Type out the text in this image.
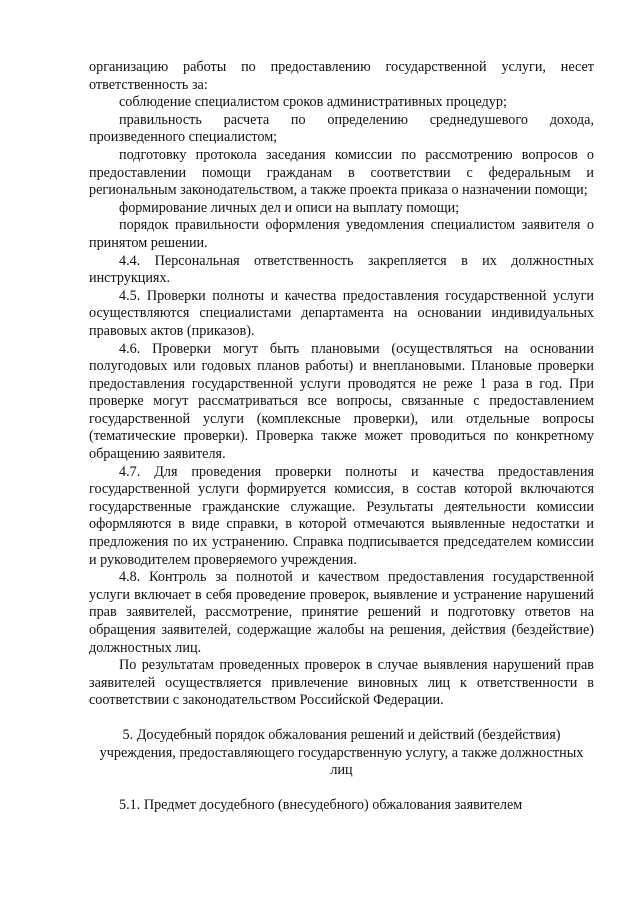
организацию работы по предоставлению государственной услуги, несет ответственность за:

соблюдение специалистом сроков административных процедур;

правильность расчета по определению среднедушевого дохода, произведенного специалистом;

подготовку протокола заседания комиссии по рассмотрению вопросов о предоставлении помощи гражданам в соответствии с федеральным и региональным законодательством, а также проекта приказа о назначении помощи;

формирование личных дел и описи на выплату помощи;

порядок правильности оформления уведомления специалистом заявителя о принятом решении.

4.4. Персональная ответственность закрепляется в их должностных инструкциях.

4.5. Проверки полноты и качества предоставления государственной услуги осуществляются специалистами департамента на основании индивидуальных правовых актов (приказов).

4.6. Проверки могут быть плановыми (осуществляться на основании полугодовых или годовых планов работы) и внеплановыми. Плановые проверки предоставления государственной услуги проводятся не реже 1 раза в год. При проверке могут рассматриваться все вопросы, связанные с предоставлением государственной услуги (комплексные проверки), или отдельные вопросы (тематические проверки). Проверка также может проводиться по конкретному обращению заявителя.

4.7. Для проведения проверки полноты и качества предоставления государственной услуги формируется комиссия, в состав которой включаются государственные гражданские служащие. Результаты деятельности комиссии оформляются в виде справки, в которой отмечаются выявленные недостатки и предложения по их устранению. Справка подписывается председателем комиссии и руководителем проверяемого учреждения.

4.8. Контроль за полнотой и качеством предоставления государственной услуги включает в себя проведение проверок, выявление и устранение нарушений прав заявителей, рассмотрение, принятие решений и подготовку ответов на обращения заявителей, содержащие жалобы на решения, действия (бездействие) должностных лиц.

По результатам проведенных проверок в случае выявления нарушений прав заявителей осуществляется привлечение виновных лиц к ответственности в соответствии с законодательством Российской Федерации.

5. Досудебный порядок обжалования решений и действий (бездействия) учреждения, предоставляющего государственную услугу, а также должностных лиц

5.1. Предмет досудебного (внесудебного) обжалования заявителем
